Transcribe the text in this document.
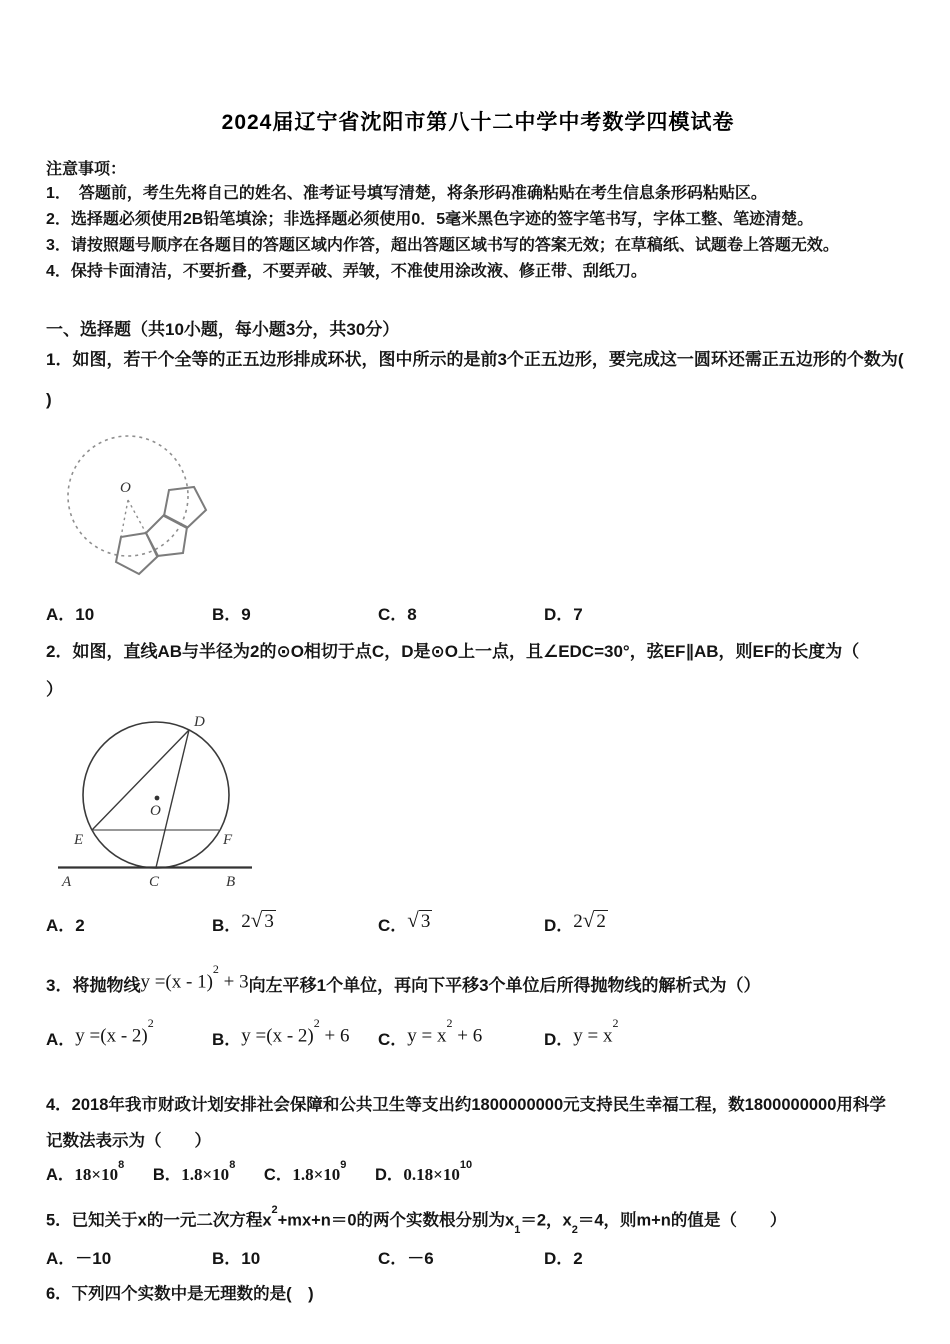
2024届辽宁省沈阳市第八十二中学中考数学四模试卷

注意事项：

1．　答题前，考生先将自己的姓名、准考证号填写清楚，将条形码准确粘贴在考生信息条形码粘贴区。

2．选择题必须使用2B铅笔填涂；非选择题必须使用0．5毫米黑色字迹的签字笔书写，字体工整、笔迹清楚。

3．请按照题号顺序在各题目的答题区域内作答，超出答题区域书写的答案无效；在草稿纸、试题卷上答题无效。

4．保持卡面清洁，不要折叠，不要弄破、弄皱，不准使用涂改液、修正带、刮纸刀。

一、选择题（共10小题，每小题3分，共30分）

1．如图，若干个全等的正五边形排成环状，图中所示的是前3个正五边形，要完成这一圆环还需正五边形的个数为(
)
O
A．10	B．9	C．8	D．7
2．如图，直线AB与半径为2的⊙O相切于点C，D是⊙O上一点，且∠EDC=30°，弦EF∥AB，则EF的长度为（
）
D
O
E	F
A	C	B
A．2	B．2 √ 3	C． √ 3	D．2 √ 2
3．将抛物线y =(x - 1)$^2$ + 3向左平移1个单位，再向下平移3个单位后所得抛物线的解析式为（）
A．y =(x - 2)$^2$
B．y =(x - 2)$^2$ + 6	C．$y = x^2 + 6$	D．$y = x^2$
4．2018年我市财政计划安排社会保障和公共卫生等支出约1800000000元支持民生幸福工程，数1800000000用科学
记数法表示为（　　）
A．$18\times 10^8$ B．$1.8\times 10^8$ C．$1.8\times 10^9$ D．$0.18\times 10^{10}$
5．已知关于x的一元二次方程$x^2+mx+n=0$的两个实数根分别为$x_1=2$，$x_2=4$，则m+n的值是（　　）
A．－10	B．10	C．－6	D．2
6．下列四个实数中是无理数的是(　)
